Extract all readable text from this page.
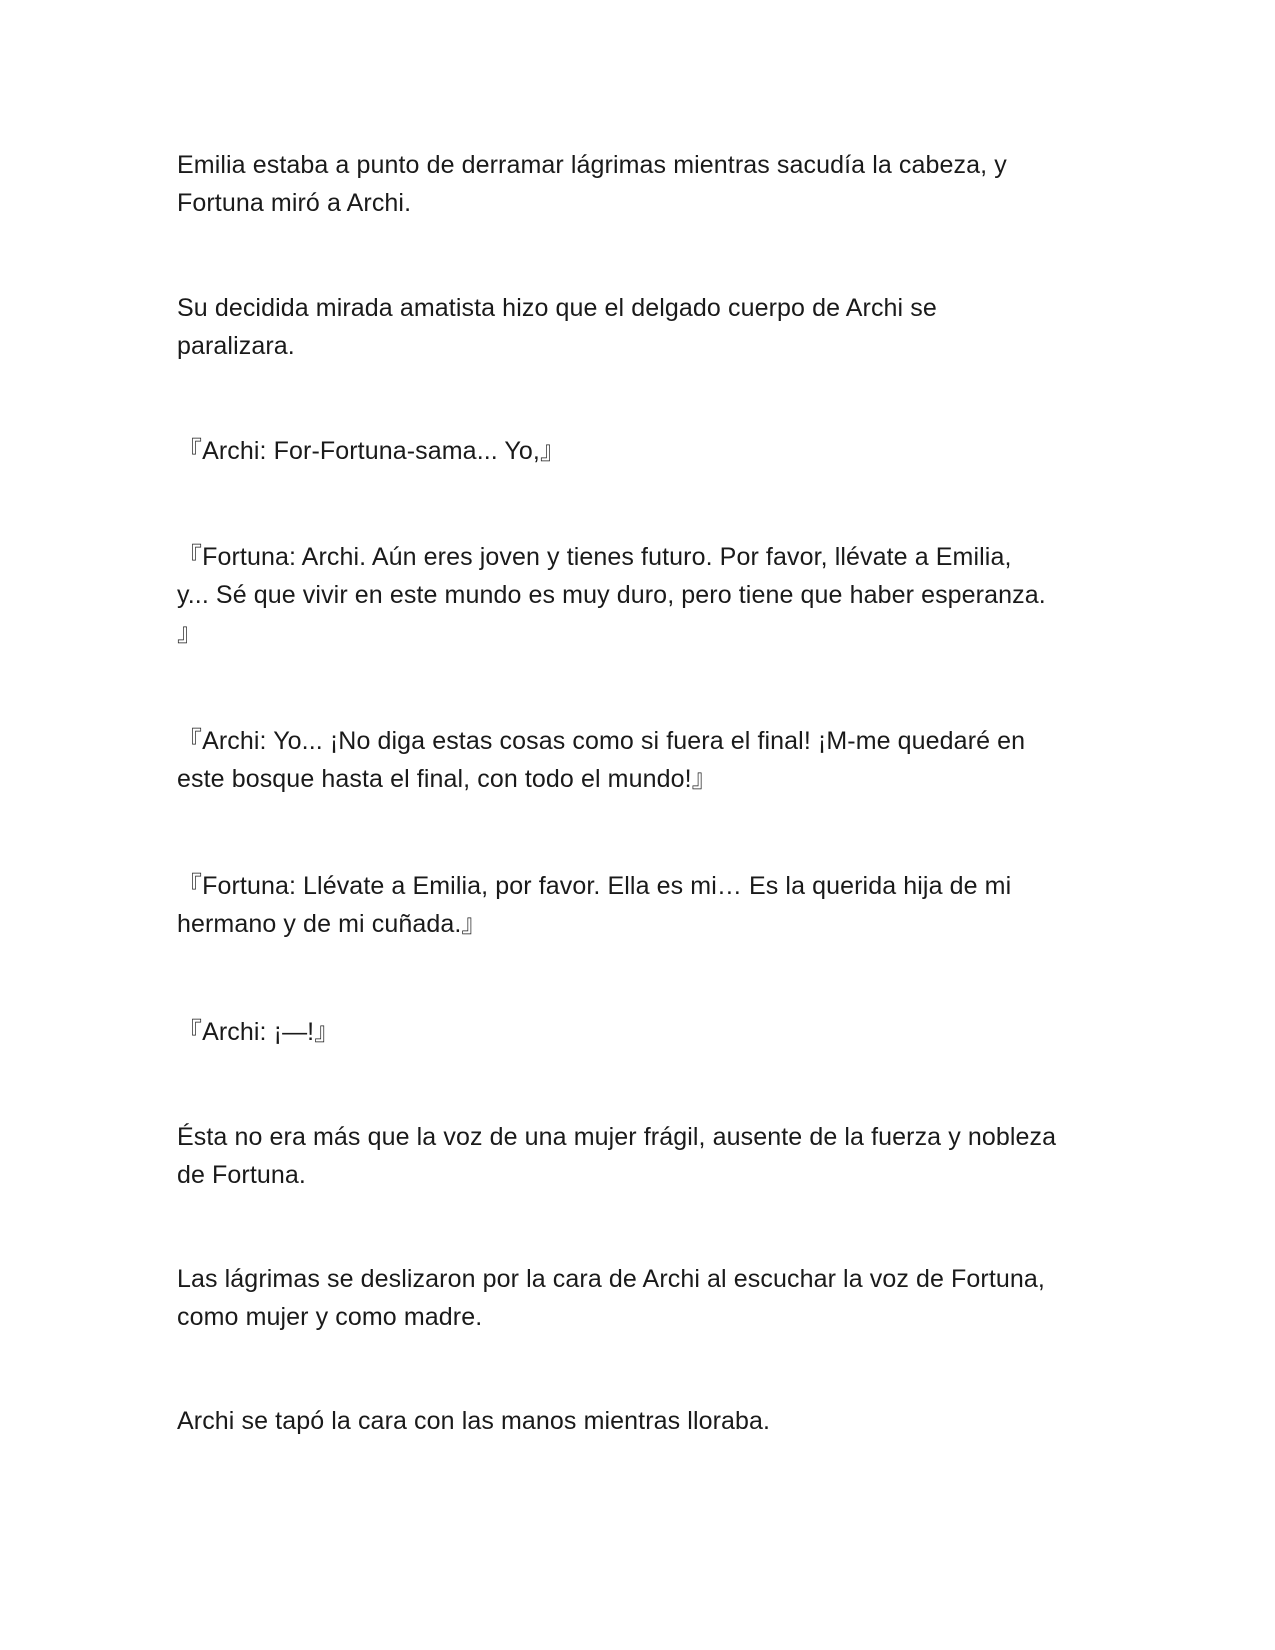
Emilia estaba a punto de derramar lágrimas mientras sacudía la cabeza, y
Fortuna miró a Archi.

Su decidida mirada amatista hizo que el delgado cuerpo de Archi se
paralizara.

『Archi: For-Fortuna-sama... Yo,』

『Fortuna: Archi. Aún eres joven y tienes futuro. Por favor, llévate a Emilia,
y... Sé que vivir en este mundo es muy duro, pero tiene que haber esperanza.
』

『Archi: Yo... ¡No diga estas cosas como si fuera el final! ¡M-me quedaré en
este bosque hasta el final, con todo el mundo!』

『Fortuna: Llévate a Emilia, por favor. Ella es mi… Es la querida hija de mi
hermano y de mi cuñada.』

『Archi: ¡—!』

Ésta no era más que la voz de una mujer frágil, ausente de la fuerza y nobleza
de Fortuna.

Las lágrimas se deslizaron por la cara de Archi al escuchar la voz de Fortuna,
como mujer y como madre.

Archi se tapó la cara con las manos mientras lloraba.
